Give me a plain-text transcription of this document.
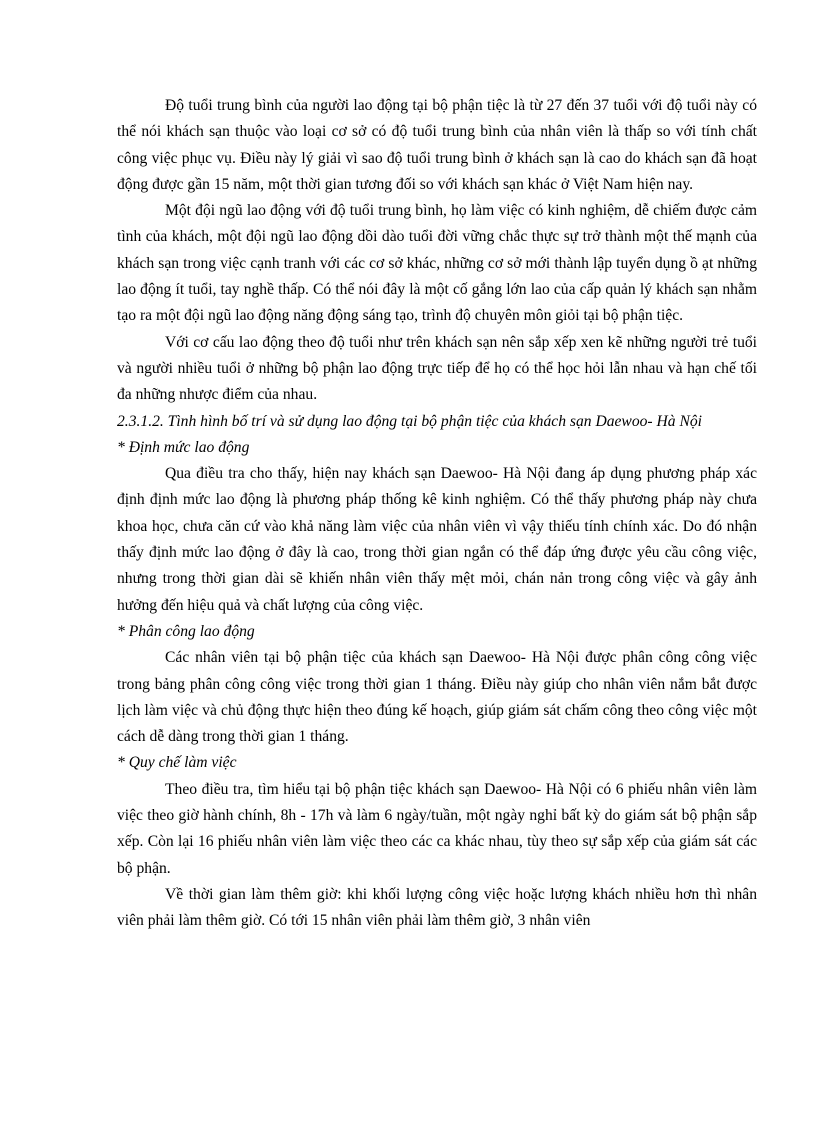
Độ tuổi trung bình của người lao động tại bộ phận tiệc là từ 27 đến 37 tuổi với độ tuổi này có thể nói khách sạn thuộc vào loại cơ sở có độ tuổi trung bình của nhân viên là thấp so với tính chất công việc phục vụ. Điều này lý giải vì sao độ tuổi trung bình ở khách sạn là cao do khách sạn đã hoạt động được gần 15 năm, một thời gian tương đối so với khách sạn khác ở Việt Nam hiện nay.

Một đội ngũ lao động với độ tuổi trung bình, họ làm việc có kinh nghiệm, dễ chiếm được cảm tình của khách, một đội ngũ lao động dồi dào tuổi đời vững chắc thực sự trở thành một thế mạnh của khách sạn trong việc cạnh tranh với các cơ sở khác, những cơ sở mới thành lập tuyển dụng ồ ạt những lao động ít tuổi, tay nghề thấp. Có thể nói đây là một cố gắng lớn lao của cấp quản lý khách sạn nhằm tạo ra một đội ngũ lao động năng động sáng tạo, trình độ chuyên môn giỏi tại bộ phận tiệc.

Với cơ cấu lao động theo độ tuổi như trên khách sạn nên sắp xếp xen kẽ những người trẻ tuổi và người nhiều tuổi ở những bộ phận lao động trực tiếp để họ có thể học hỏi lẫn nhau và hạn chế tối đa những nhược điểm của nhau.

2.3.1.2. Tình hình bố trí và sử dụng lao động tại bộ phận tiệc của khách sạn Daewoo- Hà Nội

* Định mức lao động

Qua điều tra cho thấy, hiện nay khách sạn Daewoo- Hà Nội đang áp dụng phương pháp xác định định mức lao động là phương pháp thống kê kinh nghiệm. Có thể thấy phương pháp này chưa khoa học, chưa căn cứ vào khả năng làm việc của nhân viên vì vậy thiếu tính chính xác. Do đó nhận thấy định mức lao động ở đây là cao, trong thời gian ngắn có thể đáp ứng được yêu cầu công việc, nhưng trong thời gian dài sẽ khiến nhân viên thấy mệt mỏi, chán nản trong công việc và gây ảnh hưởng đến hiệu quả và chất lượng của công việc.

* Phân công lao động

Các nhân viên tại bộ phận tiệc của khách sạn Daewoo- Hà Nội được phân công công việc trong bảng phân công công việc trong thời gian 1 tháng. Điều này giúp cho nhân viên nắm bắt được lịch làm việc và chủ động thực hiện theo đúng kế hoạch, giúp giám sát chấm công theo công việc một cách dễ dàng trong thời gian 1 tháng.

* Quy chế làm việc

Theo điều tra, tìm hiểu tại bộ phận tiệc khách sạn Daewoo- Hà Nội có 6 phiếu nhân viên làm việc theo giờ hành chính, 8h - 17h và làm 6 ngày/tuần, một ngày nghỉ bất kỳ do giám sát bộ phận sắp xếp. Còn lại 16 phiếu nhân viên làm việc theo các ca khác nhau, tùy theo sự sắp xếp của giám sát các bộ phận.

Về thời gian làm thêm giờ: khi khối lượng công việc hoặc lượng khách nhiều hơn thì nhân viên phải làm thêm giờ. Có tới 15 nhân viên phải làm thêm giờ, 3 nhân viên
